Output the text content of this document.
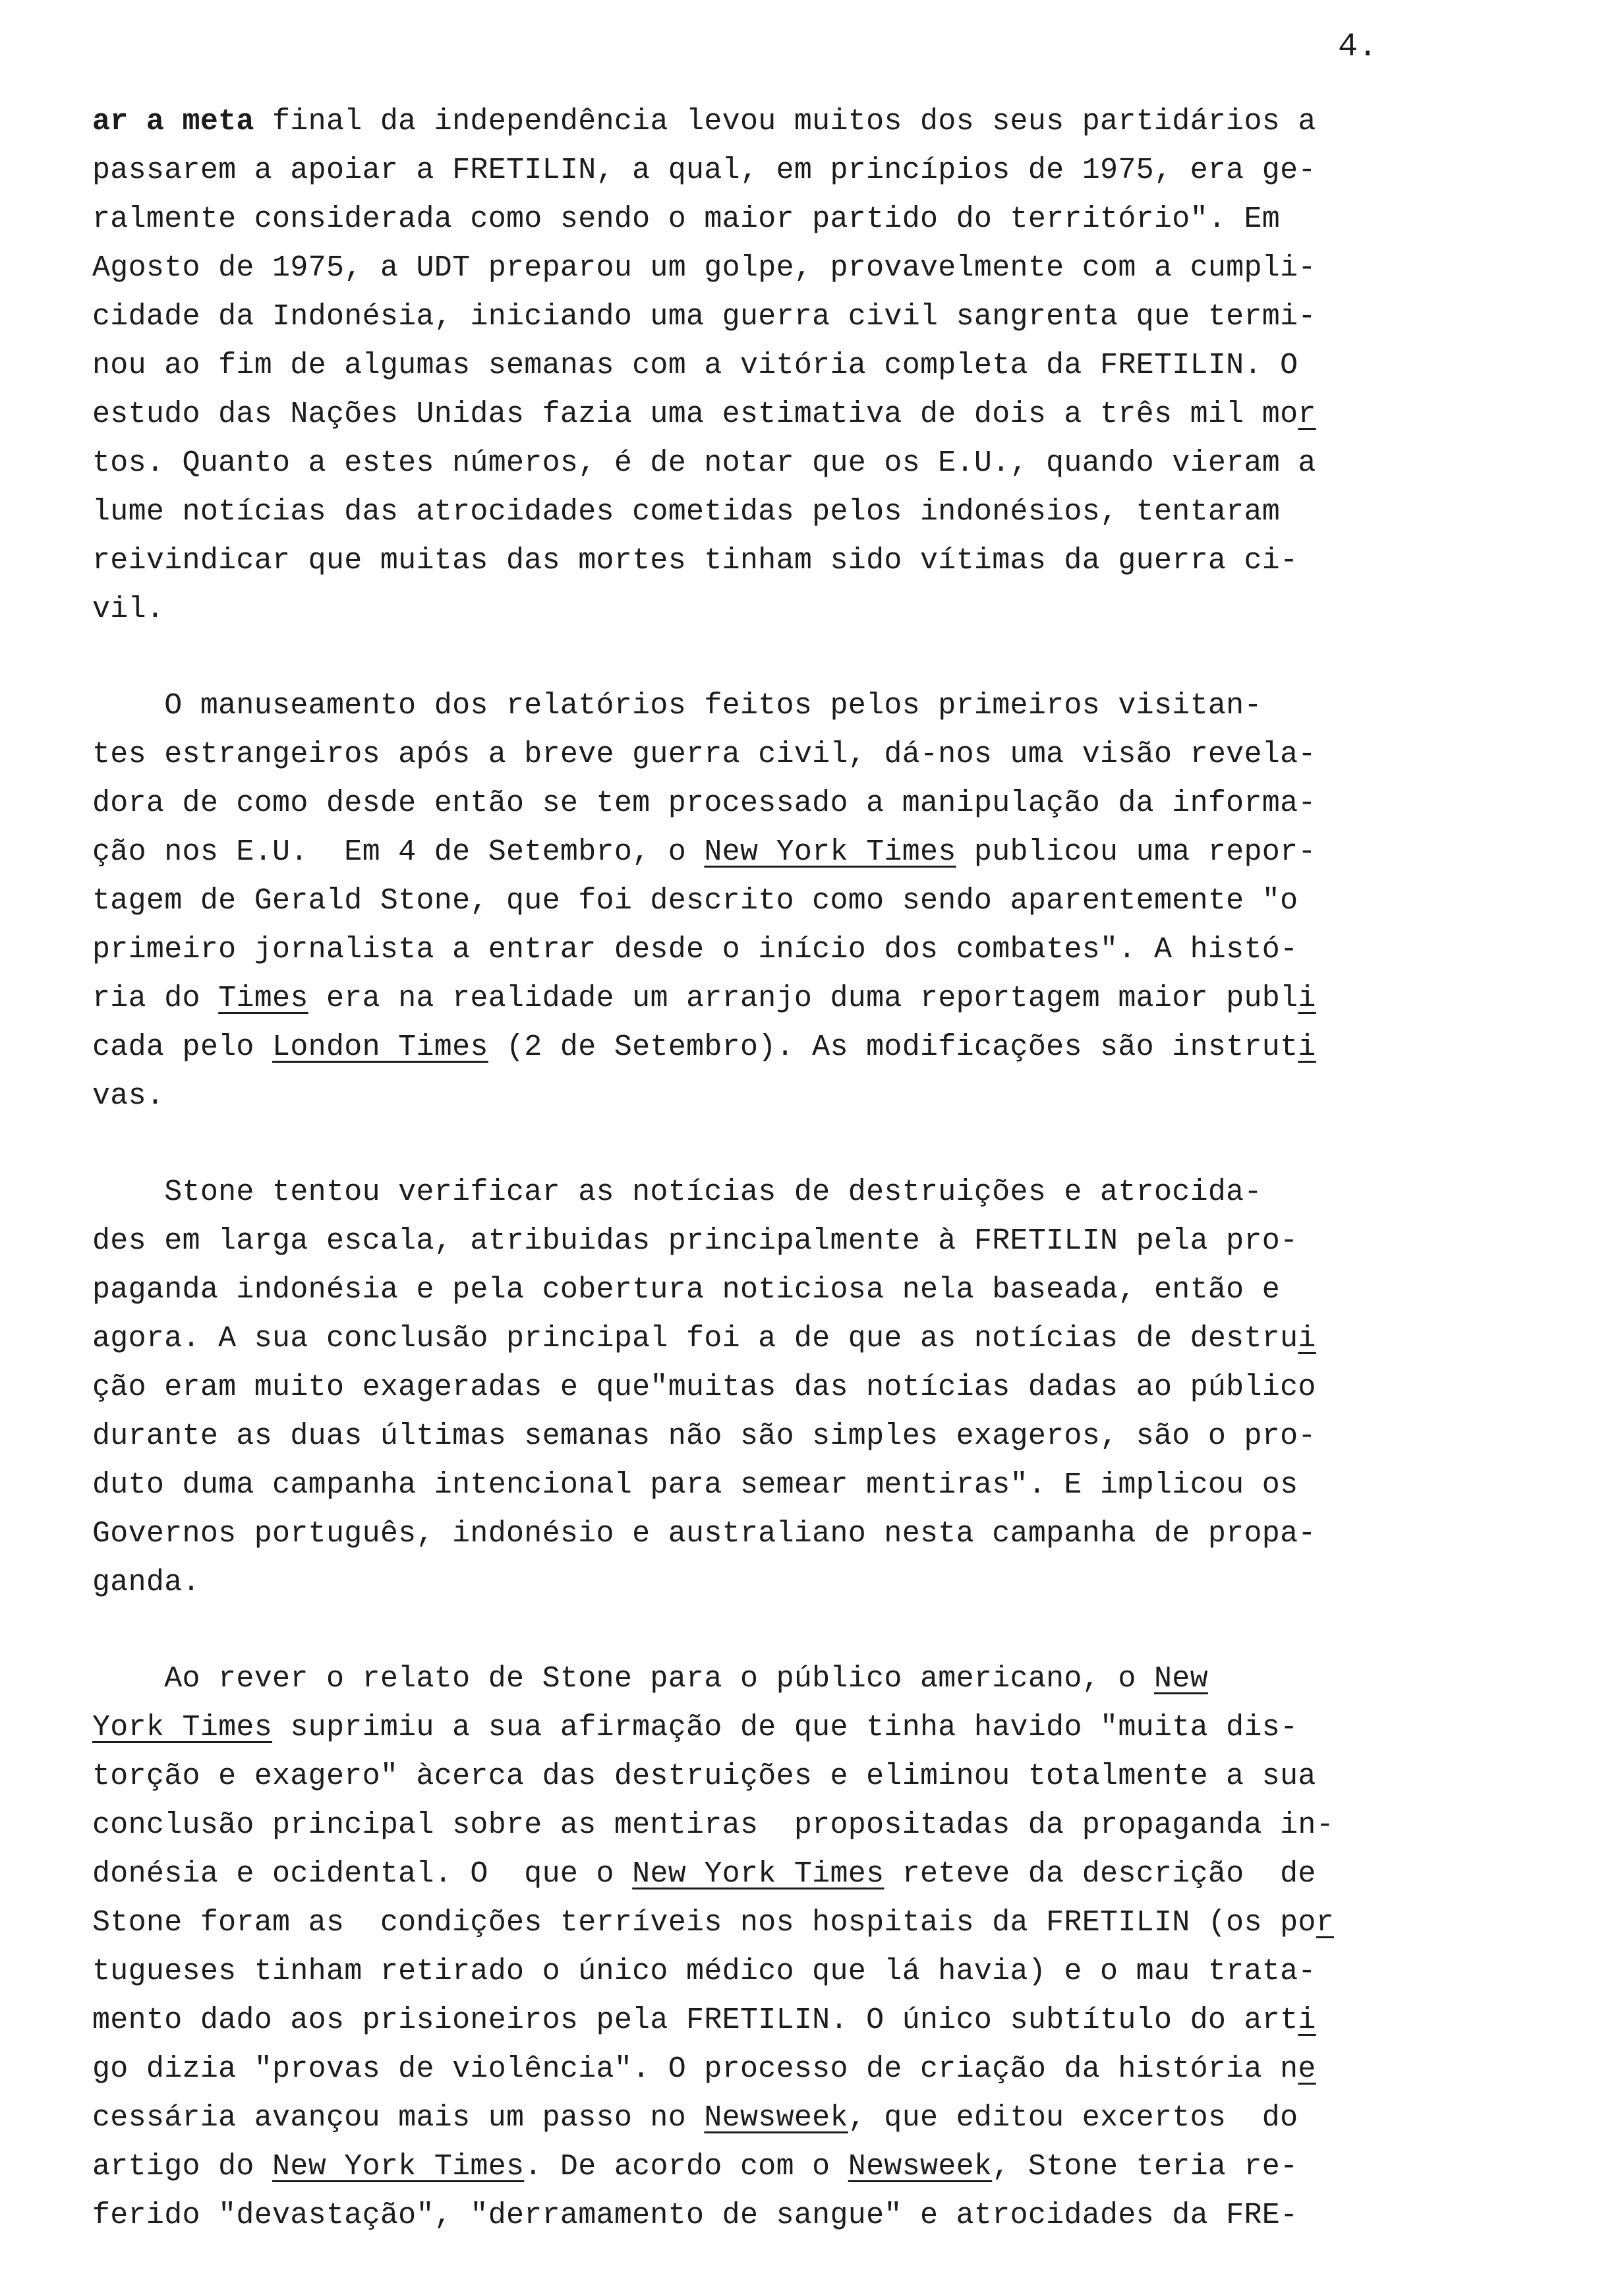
4.
ar a meta final da independência levou muitos dos seus partidários a
passarem a apoiar a FRETILIN, a qual, em princípios de 1975, era ge-
ralmente considerada como sendo o maior partido do território". Em
Agosto de 1975, a UDT preparou um golpe, provavelmente com a cumpli-
cidade da Indonésia, iniciando uma guerra civil sangrenta que termi-
nou ao fim de algumas semanas com a vitória completa da FRETILIN. O
estudo das Nações Unidas fazia uma estimativa de dois a três mil mor
tos. Quanto a estes números, é de notar que os E.U., quando vieram a
lume notícias das atrocidades cometidas pelos indonésios, tentaram
reivindicar que muitas das mortes tinham sido vítimas da guerra ci-
vil.
O manuseamento dos relatórios feitos pelos primeiros visitan-
tes estrangeiros após a breve guerra civil, dá-nos uma visão revela-
dora de como desde então se tem processado a manipulação da informa-
ção nos E.U.  Em 4 de Setembro, o New York Times publicou uma repor-
tagem de Gerald Stone, que foi descrito como sendo aparentemente "o
primeiro jornalista a entrar desde o início dos combates". A histó-
ria do Times era na realidade um arranjo duma reportagem maior publi
cada pelo London Times (2 de Setembro). As modificações são instruti
vas.
Stone tentou verificar as notícias de destruições e atrocida-
des em larga escala, atribuidas principalmente à FRETILIN pela pro-
paganda indonésia e pela cobertura noticiosa nela baseada, então e
agora. A sua conclusão principal foi a de que as notícias de destrui
ção eram muito exageradas e que"muitas das notícias dadas ao público
durante as duas últimas semanas não são simples exageros, são o pro-
duto duma campanha intencional para semear mentiras". E implicou os
Governos português, indonésio e australiano nesta campanha de propa-
ganda.
Ao rever o relato de Stone para o público americano, o New
York Times suprimiu a sua afirmação de que tinha havido "muita dis-
torção e exagero" àcerca das destruições e eliminou totalmente a sua
conclusão principal sobre as mentiras  propositadas da propaganda in-
donésia e ocidental. O  que o New York Times reteve da descrição  de
Stone foram as  condições terríveis nos hospitais da FRETILIN (os por
tugueses tinham retirado o único médico que lá havia) e o mau trata-
mento dado aos prisioneiros pela FRETILIN. O único subtítulo do arti
go dizia "provas de violência". O processo de criação da história ne
cessária avançou mais um passo no Newsweek, que editou excertos  do
artigo do New York Times. De acordo com o Newsweek, Stone teria re-
ferido "devastação", "derramamento de sangue" e atrocidades da FRE-
